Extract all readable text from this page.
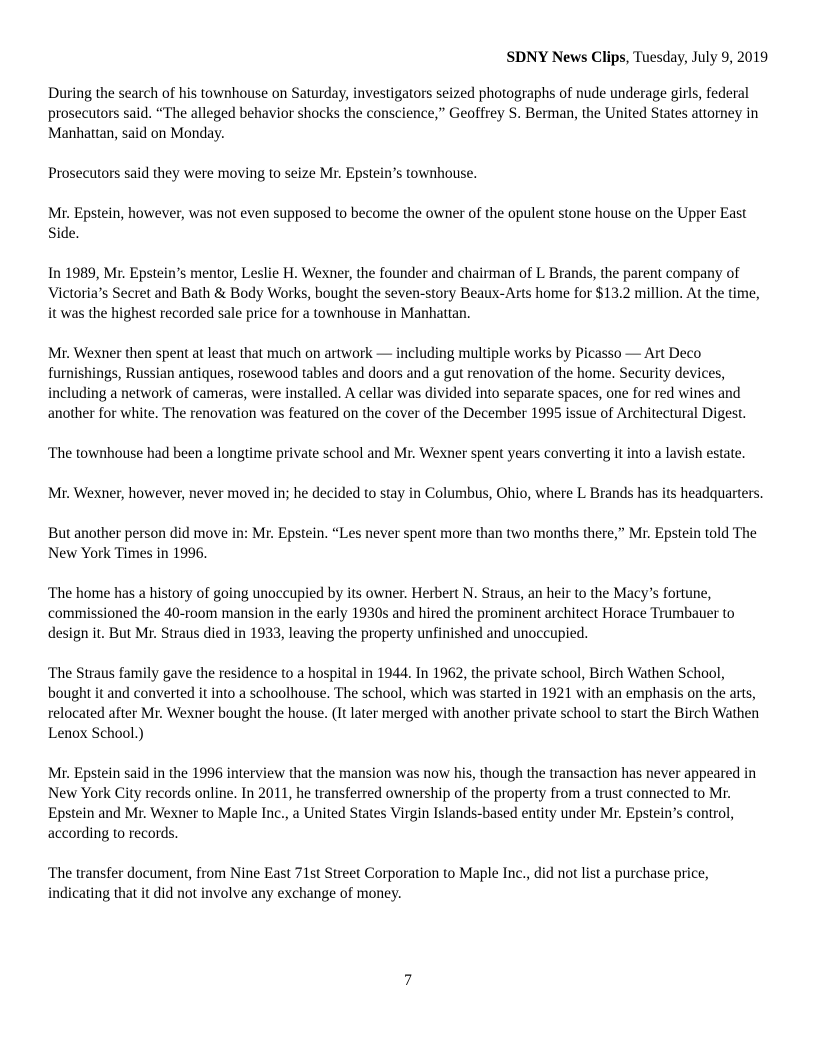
SDNY News Clips, Tuesday, July 9, 2019

During the search of his townhouse on Saturday, investigators seized photographs of nude underage girls, federal prosecutors said. “The alleged behavior shocks the conscience,” Geoffrey S. Berman, the United States attorney in Manhattan, said on Monday.

Prosecutors said they were moving to seize Mr. Epstein’s townhouse.

Mr. Epstein, however, was not even supposed to become the owner of the opulent stone house on the Upper East Side.

In 1989, Mr. Epstein’s mentor, Leslie H. Wexner, the founder and chairman of L Brands, the parent company of Victoria’s Secret and Bath & Body Works, bought the seven-story Beaux-Arts home for $13.2 million. At the time, it was the highest recorded sale price for a townhouse in Manhattan.

Mr. Wexner then spent at least that much on artwork — including multiple works by Picasso — Art Deco furnishings, Russian antiques, rosewood tables and doors and a gut renovation of the home. Security devices, including a network of cameras, were installed. A cellar was divided into separate spaces, one for red wines and another for white. The renovation was featured on the cover of the December 1995 issue of Architectural Digest.

The townhouse had been a longtime private school and Mr. Wexner spent years converting it into a lavish estate.

Mr. Wexner, however, never moved in; he decided to stay in Columbus, Ohio, where L Brands has its headquarters.

But another person did move in: Mr. Epstein. “Les never spent more than two months there,” Mr. Epstein told The New York Times in 1996.

The home has a history of going unoccupied by its owner. Herbert N. Straus, an heir to the Macy’s fortune, commissioned the 40-room mansion in the early 1930s and hired the prominent architect Horace Trumbauer to design it. But Mr. Straus died in 1933, leaving the property unfinished and unoccupied.

The Straus family gave the residence to a hospital in 1944. In 1962, the private school, Birch Wathen School, bought it and converted it into a schoolhouse. The school, which was started in 1921 with an emphasis on the arts, relocated after Mr. Wexner bought the house. (It later merged with another private school to start the Birch Wathen Lenox School.)

Mr. Epstein said in the 1996 interview that the mansion was now his, though the transaction has never appeared in New York City records online. In 2011, he transferred ownership of the property from a trust connected to Mr. Epstein and Mr. Wexner to Maple Inc., a United States Virgin Islands-based entity under Mr. Epstein’s control, according to records.

The transfer document, from Nine East 71st Street Corporation to Maple Inc., did not list a purchase price, indicating that it did not involve any exchange of money.

7
